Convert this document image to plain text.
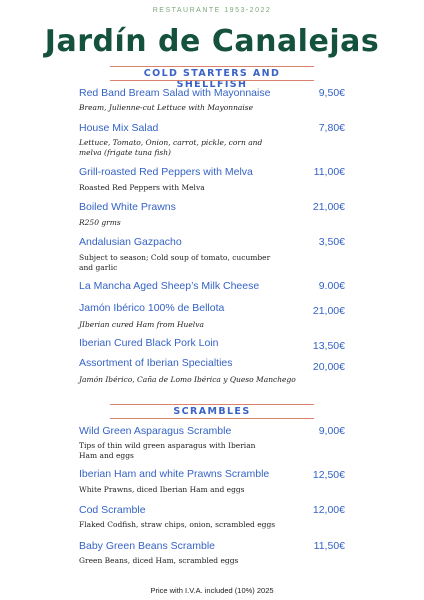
RESTAURANTE 1953-2022
Jardín de Canalejas
COLD STARTERS AND SHELLFISH
Red Band Bream Salad with Mayonnaise	9,50€
Bream, Julienne-cut Lettuce with Mayonnaise
House Mix Salad	7,80€
Lettuce, Tomato, Onion, carrot, pickle, corn and melva (frigate tuna fish)
Grill-roasted Red Peppers with Melva	11,00€
Roasted Red Peppers with Melva
Boiled White Prawns	21,00€
R250 grms
Andalusian Gazpacho	3,50€
Subject to season; Cold soup of tomato, cucumber and garlic
La Mancha Aged Sheep’s Milk Cheese	9.00€
Jamón Ibérico 100% de Bellota	21,00€
JIberian cured Ham from Huelva
Iberian Cured Black Pork Loin	13,50€
Assortment of Iberian Specialties	20,00€
Jamón Ibérico, Caña de Lomo Ibérica y Queso Manchego
SCRAMBLES
Wild Green Asparagus Scramble	9,00€
Tips of thin wild green asparagus with Iberian Ham and eggs
Iberian Ham and white Prawns Scramble	12,50€
White Prawns, diced Iberian Ham and eggs
Cod Scramble	12,00€
Flaked Codfish, straw chips, onion, scrambled eggs
Baby Green Beans Scramble	11,50€
Green Beans, diced Ham, scrambled eggs
Price with I.V.A. included (10%) 2025
